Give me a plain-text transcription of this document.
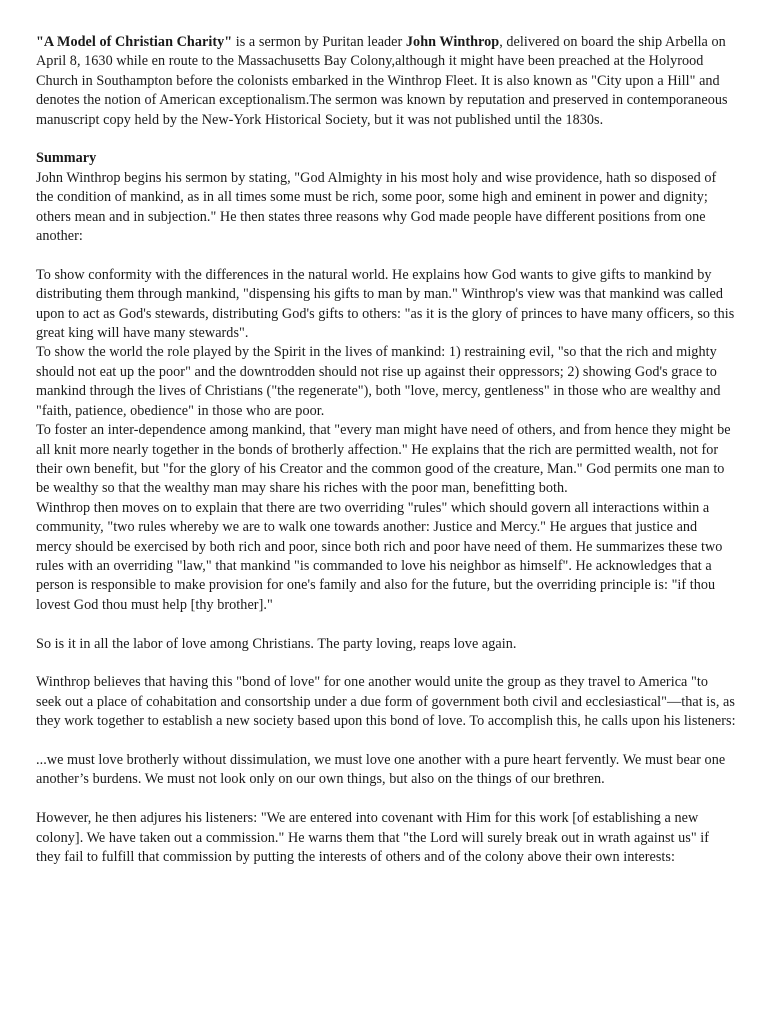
"A Model of Christian Charity" is a sermon by Puritan leader John Winthrop, delivered on board the ship Arbella on April 8, 1630 while en route to the Massachusetts Bay Colony,although it might have been preached at the Holyrood Church in Southampton before the colonists embarked in the Winthrop Fleet. It is also known as "City upon a Hill" and denotes the notion of American exceptionalism.The sermon was known by reputation and preserved in contemporaneous manuscript copy held by the New-York Historical Society, but it was not published until the 1830s.

Summary

John Winthrop begins his sermon by stating, "God Almighty in his most holy and wise providence, hath so disposed of the condition of mankind, as in all times some must be rich, some poor, some high and eminent in power and dignity; others mean and in subjection." He then states three reasons why God made people have different positions from one another:

To show conformity with the differences in the natural world. He explains how God wants to give gifts to mankind by distributing them through mankind, "dispensing his gifts to man by man." Winthrop's view was that mankind was called upon to act as God's stewards, distributing God's gifts to others: "as it is the glory of princes to have many officers, so this great king will have many stewards".

To show the world the role played by the Spirit in the lives of mankind: 1) restraining evil, "so that the rich and mighty should not eat up the poor" and the downtrodden should not rise up against their oppressors; 2) showing God's grace to mankind through the lives of Christians ("the regenerate"), both "love, mercy, gentleness" in those who are wealthy and "faith, patience, obedience" in those who are poor.

To foster an inter-dependence among mankind, that "every man might have need of others, and from hence they might be all knit more nearly together in the bonds of brotherly affection." He explains that the rich are permitted wealth, not for their own benefit, but "for the glory of his Creator and the common good of the creature, Man." God permits one man to be wealthy so that the wealthy man may share his riches with the poor man, benefitting both.

Winthrop then moves on to explain that there are two overriding "rules" which should govern all interactions within a community, "two rules whereby we are to walk one towards another: Justice and Mercy." He argues that justice and mercy should be exercised by both rich and poor, since both rich and poor have need of them. He summarizes these two rules with an overriding "law," that mankind "is commanded to love his neighbor as himself". He acknowledges that a person is responsible to make provision for one's family and also for the future, but the overriding principle is: "if thou lovest God thou must help [thy brother]."

So is it in all the labor of love among Christians. The party loving, reaps love again.

Winthrop believes that having this "bond of love" for one another would unite the group as they travel to America "to seek out a place of cohabitation and consortship under a due form of government both civil and ecclesiastical"—that is, as they work together to establish a new society based upon this bond of love. To accomplish this, he calls upon his listeners:

...we must love brotherly without dissimulation, we must love one another with a pure heart fervently. We must bear one another’s burdens. We must not look only on our own things, but also on the things of our brethren.

However, he then adjures his listeners: "We are entered into covenant with Him for this work [of establishing a new colony]. We have taken out a commission." He warns them that "the Lord will surely break out in wrath against us" if they fail to fulfill that commission by putting the interests of others and of the colony above their own interests:
